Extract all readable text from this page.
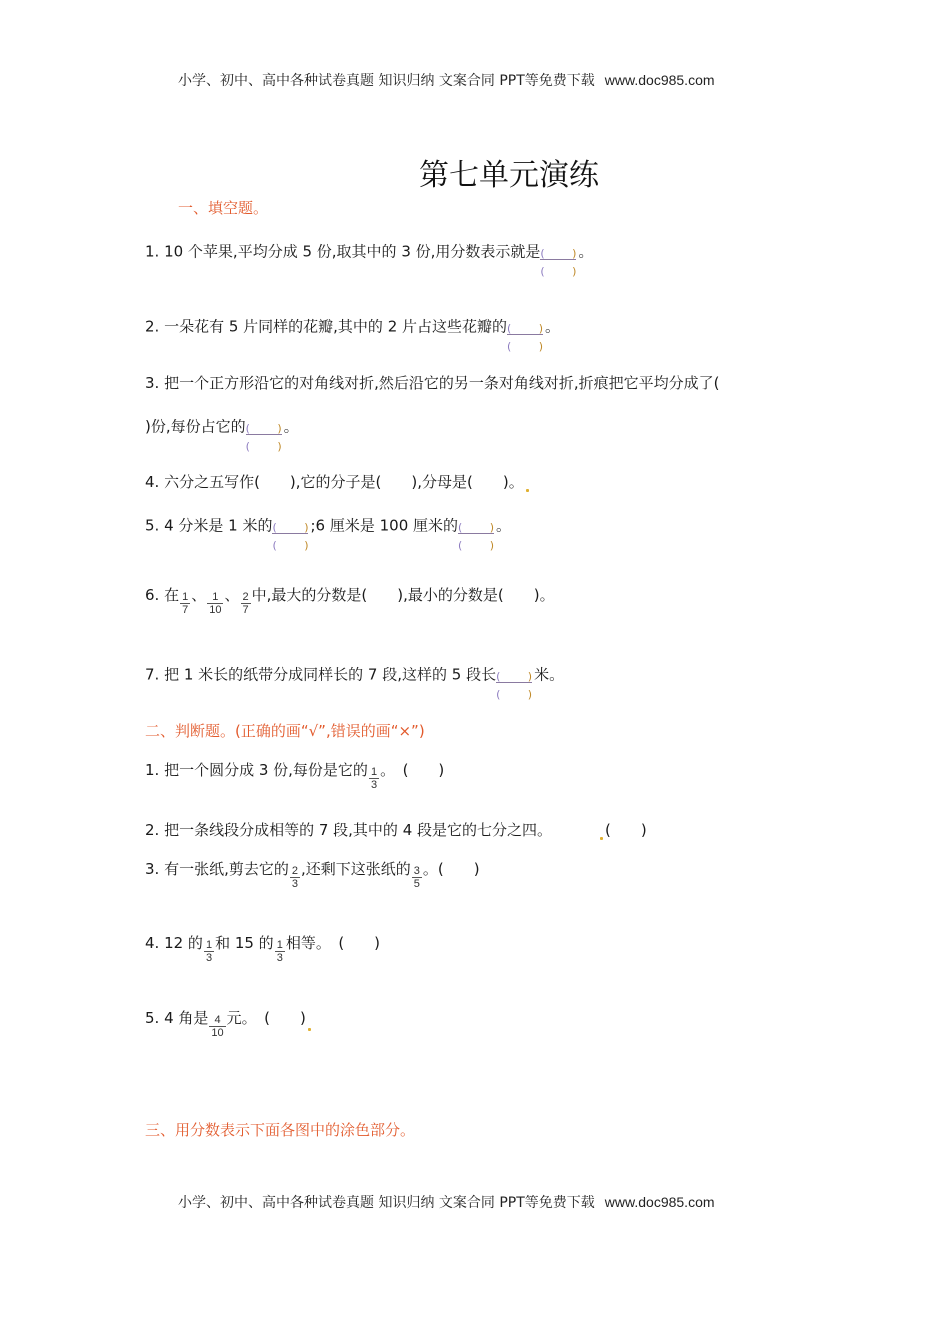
小学、初中、高中各种试卷真题 知识归纳 文案合同 PPT等免费下载 www.doc985.com
第七单元演练
一、填空题。
1. 10 个苹果,平均分成 5 份,取其中的 3 份,用分数表示就是 $\frac{( )}{( )}$ 。
2. 一朵花有 5 片同样的花瓣,其中的 2 片占这些花瓣的 $\frac{( )}{( )}$ 。
3. 把一个正方形沿它的对角线对折,然后沿它的另一条对角线对折,折痕把它平均分成了(
)份,每份占它的 $\frac{( )}{( )}$ 。
4. 六分之五写作(　　),它的分子是(　　),分母是(　　)。
5. 4 分米是 1 米的 $\frac{( )}{( )}$ ;6 厘米是 100 厘米的 $\frac{( )}{( )}$ 。
6. 在 $\frac{1}{7}$ 、 $\frac{1}{10}$ 、 $\frac{2}{7}$ 中,最大的分数是(　　),最小的分数是(　　)。
7. 把 1 米长的纸带分成同样长的 7 段,这样的 5 段长 $\frac{( )}{( )}$ 米。
二、判断题。(正确的画“√”,错误的画“×”)
1. 把一个圆分成 3 份,每份是它的 $\frac{1}{3}$ 。　(　　)
2. 把一条线段分成相等的 7 段,其中的 4 段是它的七分之四。	(　　)
3. 有一张纸,剪去它的 $\frac{2}{3}$ ,还剩下这张纸的 $\frac{3}{5}$ 。(　　)
4. 12 的 $\frac{1}{3}$ 和 15 的 $\frac{1}{3}$ 相等。　(　　)
5. 4 角是 $\frac{4}{10}$ 元。　(　　)
三、用分数表示下面各图中的涂色部分。
小学、初中、高中各种试卷真题 知识归纳 文案合同 PPT等免费下载 www.doc985.com
